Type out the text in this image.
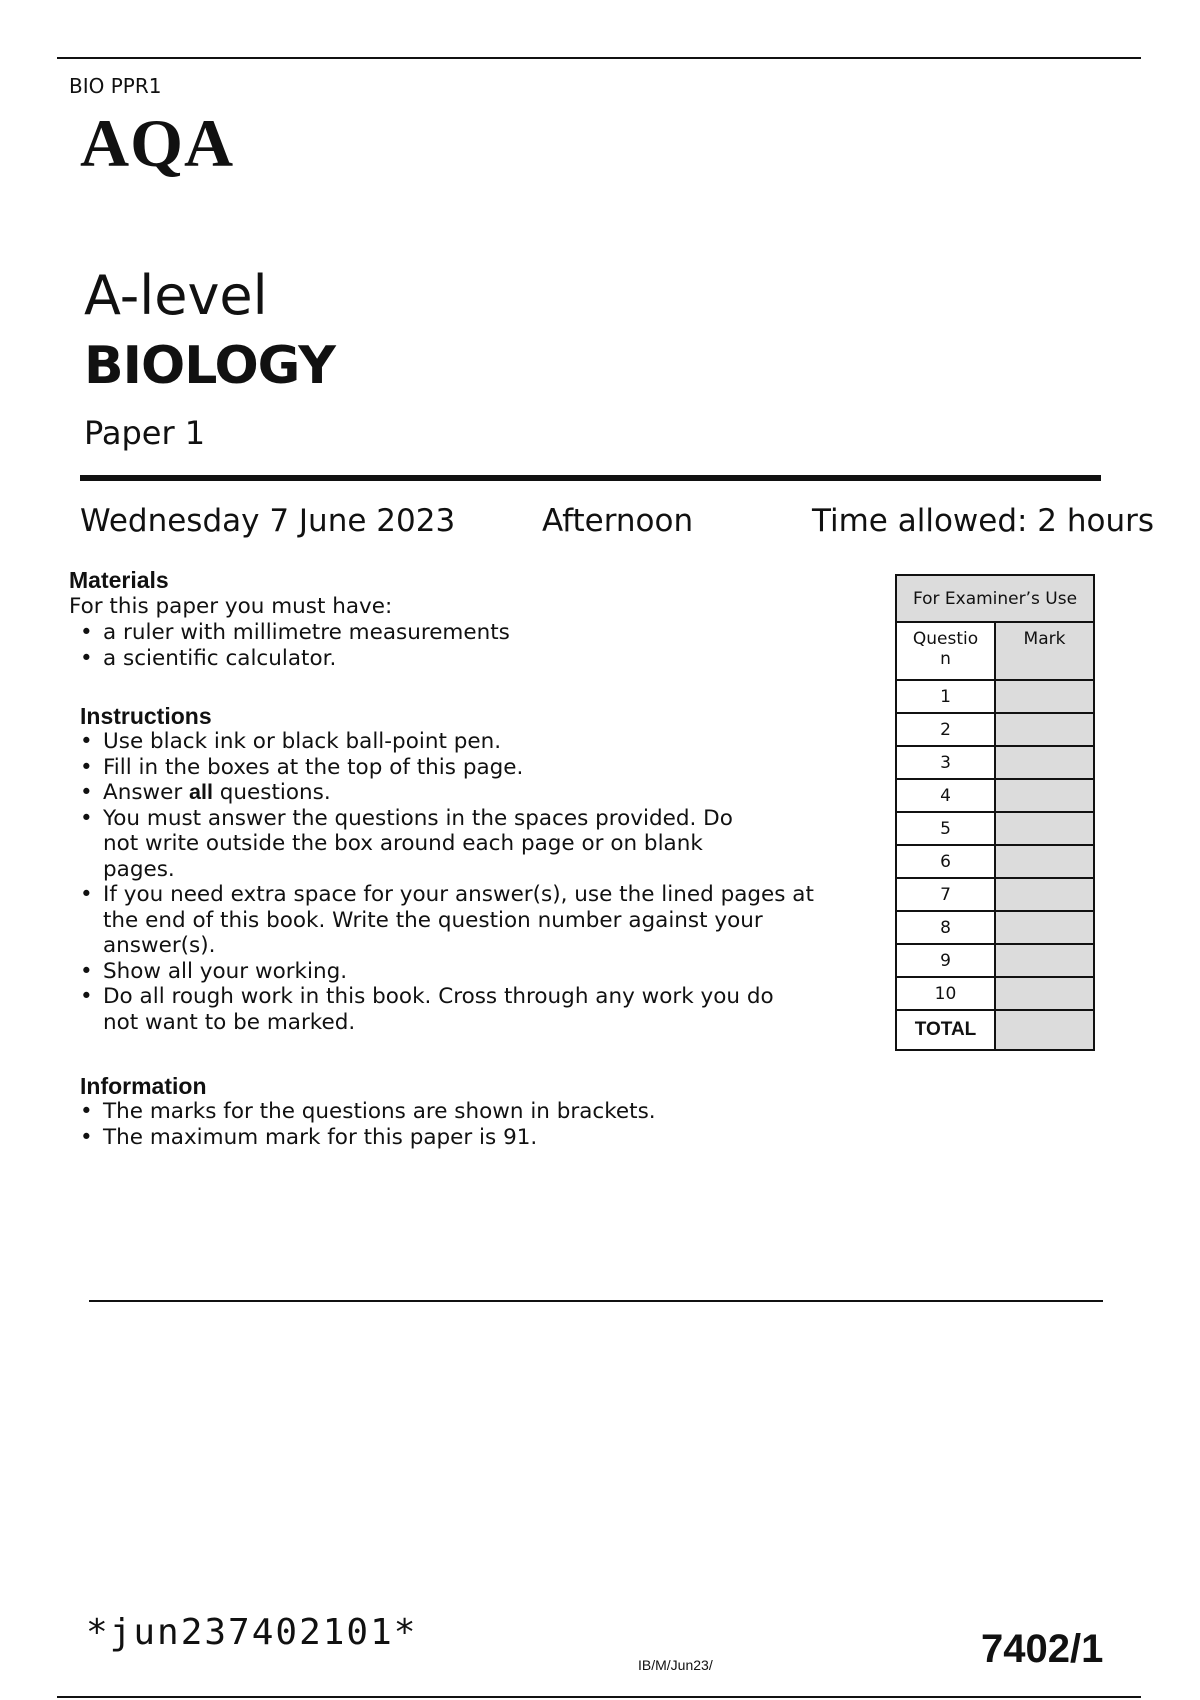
BIO PPR1
AQA
A-level
BIOLOGY
Paper 1
Wednesday 7 June 2023	Afternoon	Time allowed: 2 hours
Materials
For this paper you must have:
• a ruler with millimetre measurements
• a scientific calculator.
Instructions
• Use black ink or black ball-point pen.
• Fill in the boxes at the top of this page.
• Answer all questions.
• You must answer the questions in the spaces provided. Do not write outside the box around each page or on blank pages.
• If you need extra space for your answer(s), use the lined pages at the end of this book. Write the question number against your answer(s).
• Show all your working.
• Do all rough work in this book. Cross through any work you do not want to be marked.
Information
• The marks for the questions are shown in brackets.
• The maximum mark for this paper is 91.
For Examiner’s Use	
Question	Mark
1	
2	
3	
4	
5	
6	
7	
8	
9	
10	
TOTAL	
*jun237402101*
IB/M/Jun23/	7402/1
